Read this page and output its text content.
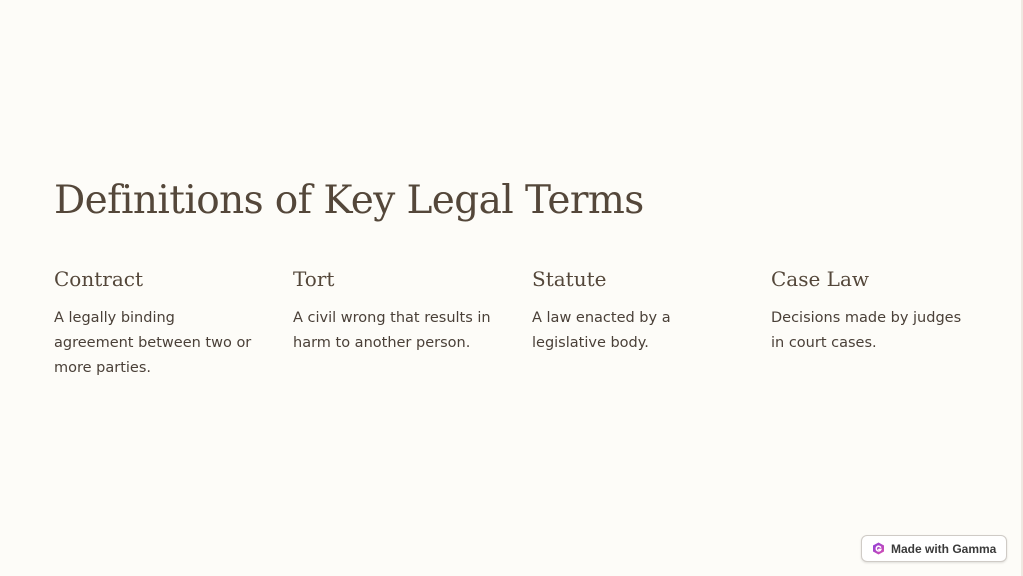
Definitions of Key Legal Terms
Contract

A legally binding agreement between two or more parties.

Tort

A civil wrong that results in harm to another person.

Statute

A law enacted by a legislative body.

Case Law

Decisions made by judges in court cases.

Made with Gamma
